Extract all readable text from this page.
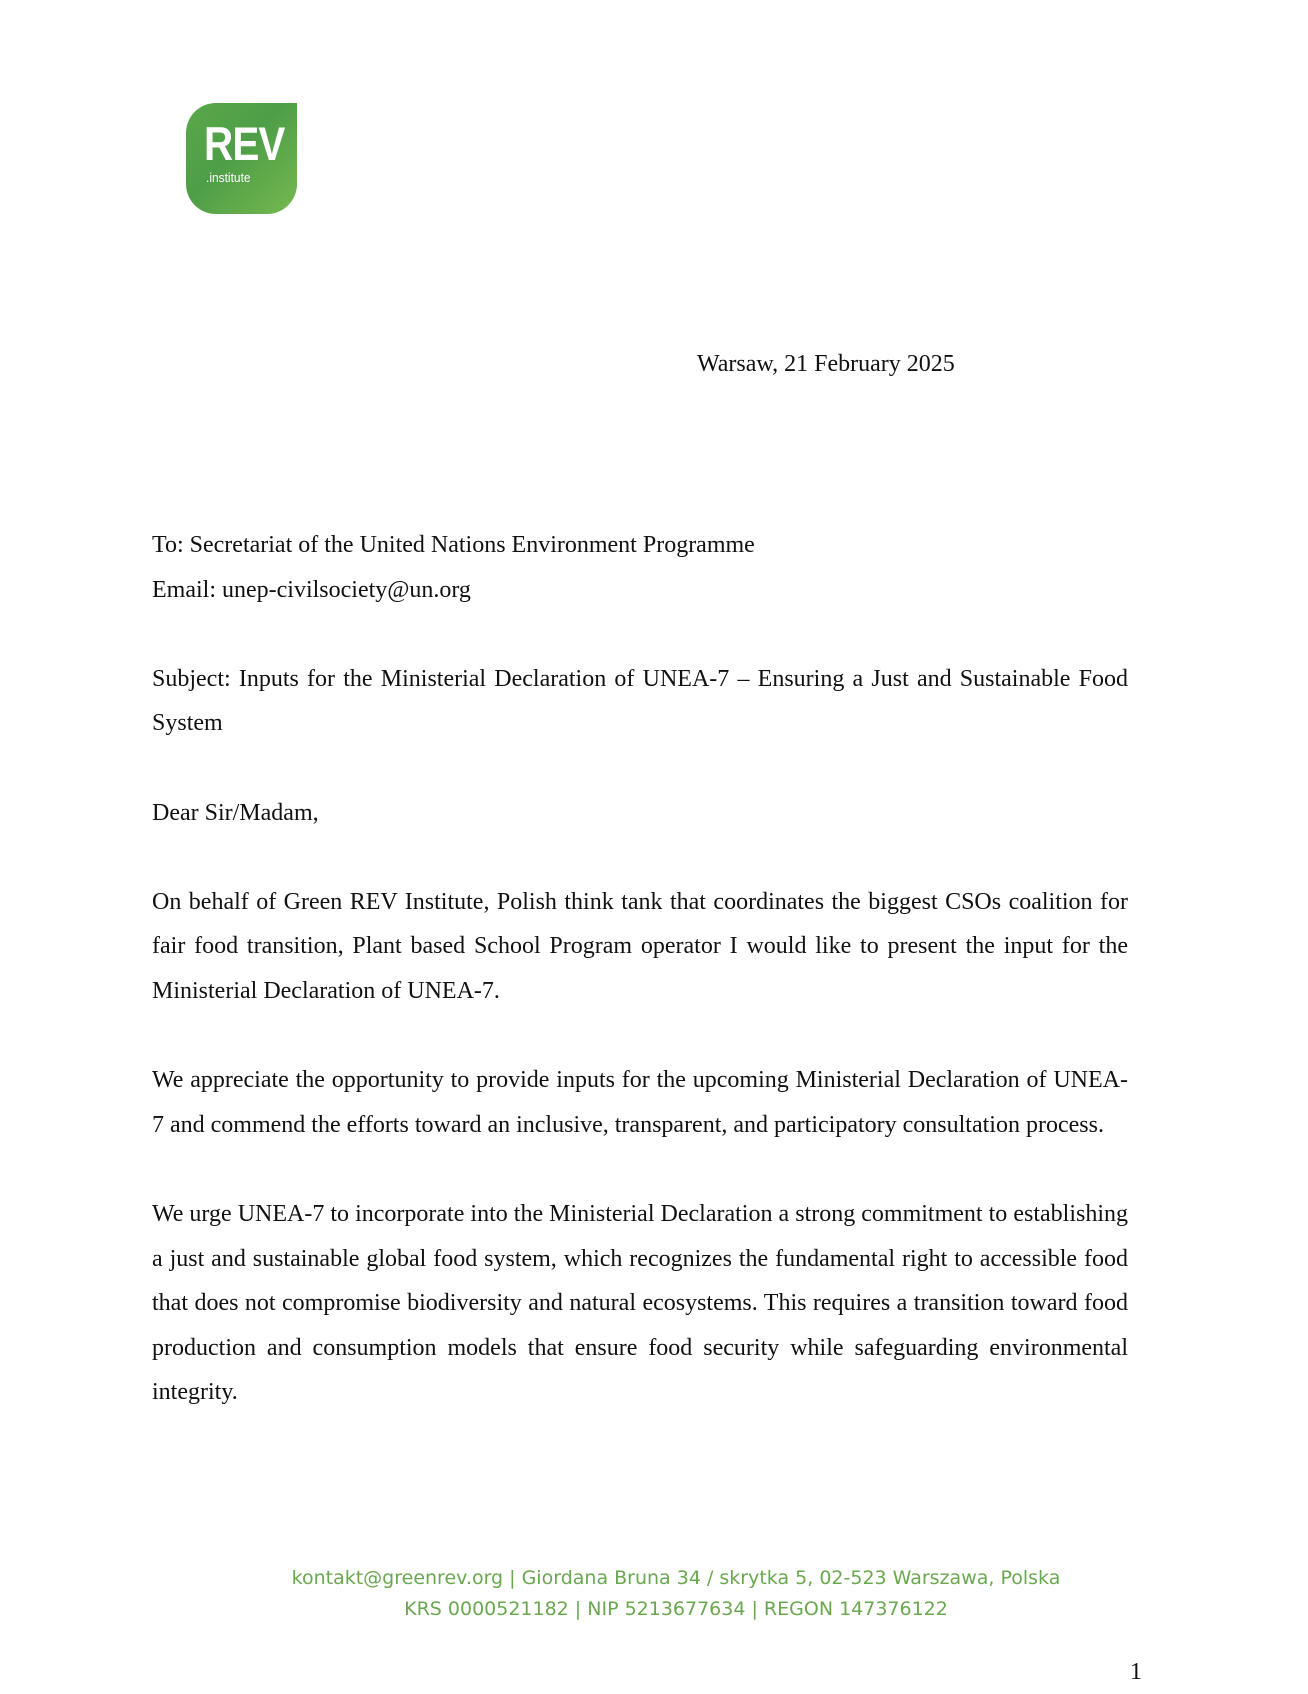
REV
.institute
Warsaw, 21 February 2025

To: Secretariat of the United Nations Environment Programme

Email: unep-civilsociety@un.org

Subject: Inputs for the Ministerial Declaration of UNEA-7 – Ensuring a Just and Sustainable Food System

Dear Sir/Madam,

On behalf of Green REV Institute, Polish think tank that coordinates the biggest CSOs coalition for fair food transition, Plant based School Program operator I would like to present the input for the Ministerial Declaration of UNEA-7.

We appreciate the opportunity to provide inputs for the upcoming Ministerial Declaration of UNEA-7 and commend the efforts toward an inclusive, transparent, and participatory consultation process.

We urge UNEA-7 to incorporate into the Ministerial Declaration a strong commitment to establishing a just and sustainable global food system, which recognizes the fundamental right to accessible food that does not compromise biodiversity and natural ecosystems. This requires a transition toward food production and consumption models that ensure food security while safeguarding environmental integrity.

kontakt@greenrev.org | Giordana Bruna 34 / skrytka 5, 02-523 Warszawa, Polska
KRS 0000521182 | NIP 5213677634 | REGON 147376122
1
